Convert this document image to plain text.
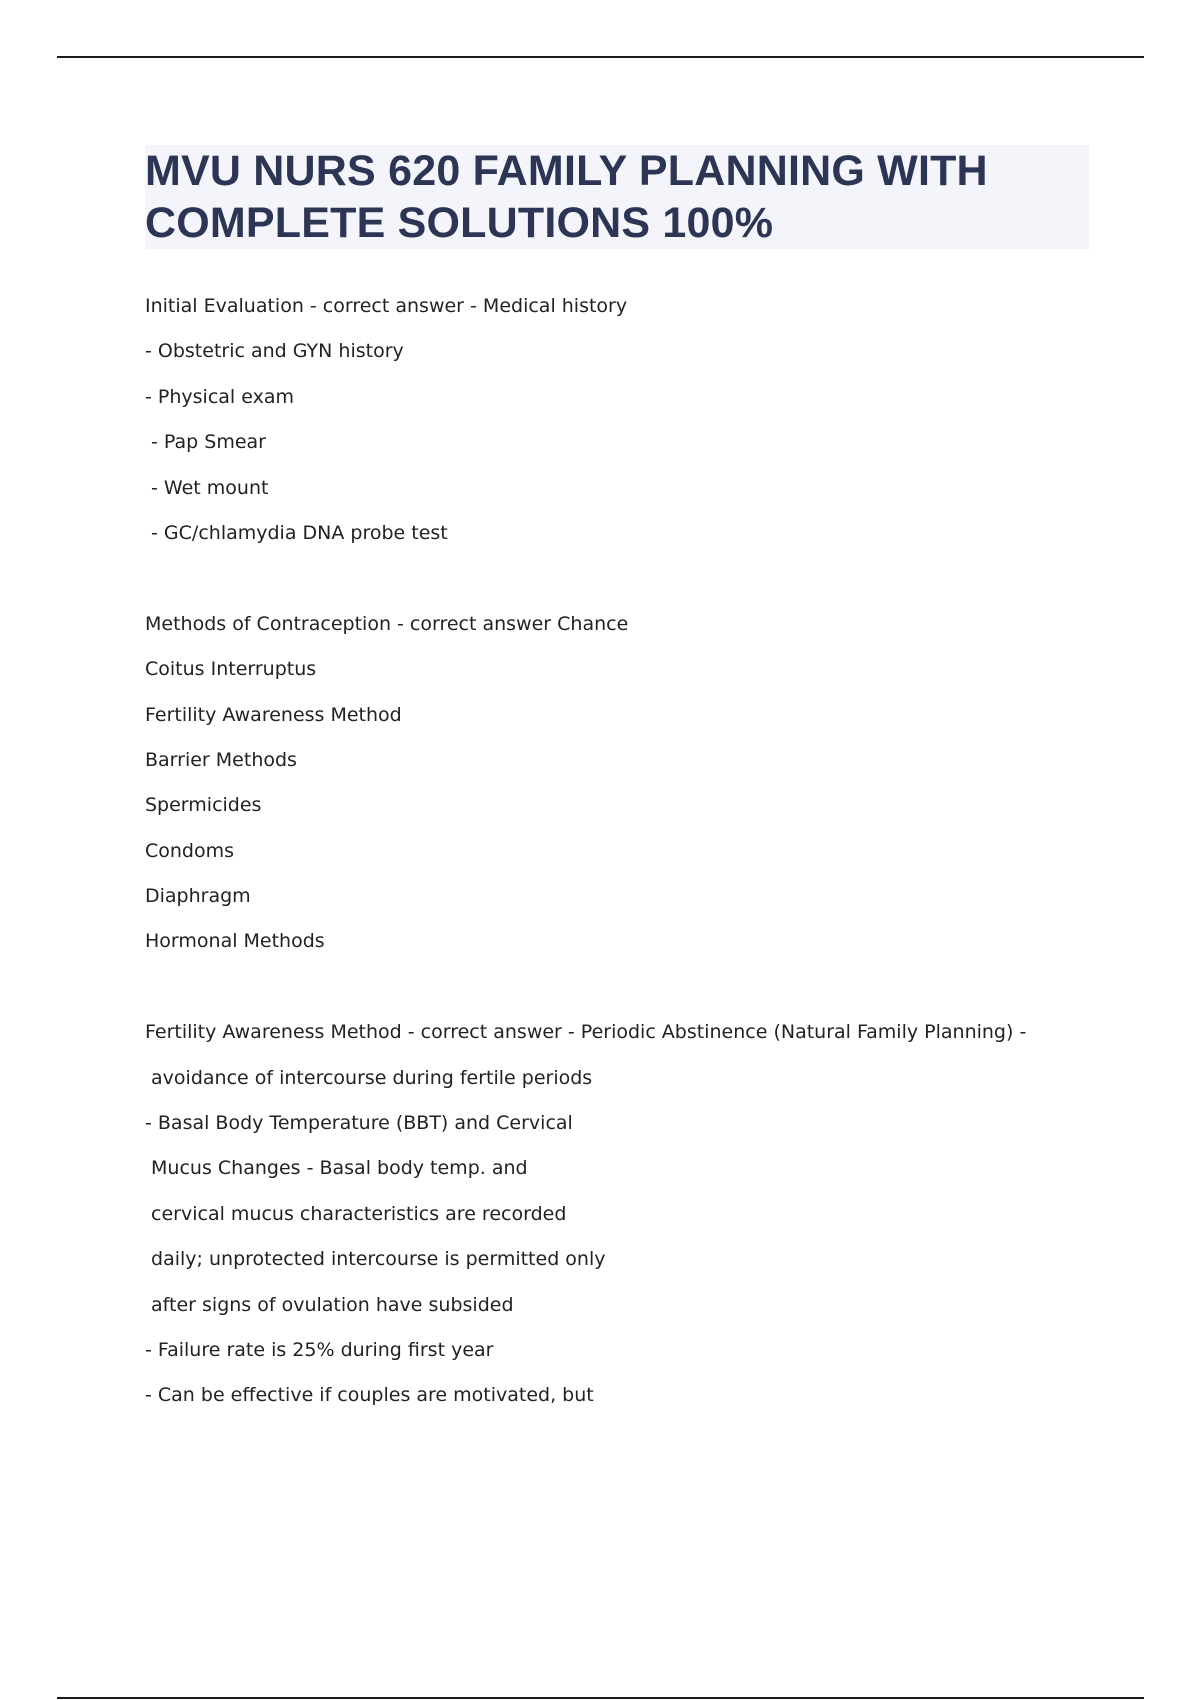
MVU NURS 620 FAMILY PLANNING WITH
COMPLETE SOLUTIONS 100%
Initial Evaluation - correct answer - Medical history
- Obstetric and GYN history
- Physical exam
- Pap Smear
- Wet mount
- GC/chlamydia DNA probe test
Methods of Contraception - correct answer Chance
Coitus Interruptus
Fertility Awareness Method
Barrier Methods
Spermicides
Condoms
Diaphragm
Hormonal Methods
Fertility Awareness Method - correct answer - Periodic Abstinence (Natural Family Planning) -
avoidance of intercourse during fertile periods
- Basal Body Temperature (BBT) and Cervical
Mucus Changes - Basal body temp. and
cervical mucus characteristics are recorded
daily; unprotected intercourse is permitted only
after signs of ovulation have subsided
- Failure rate is 25% during first year
- Can be effective if couples are motivated, but
